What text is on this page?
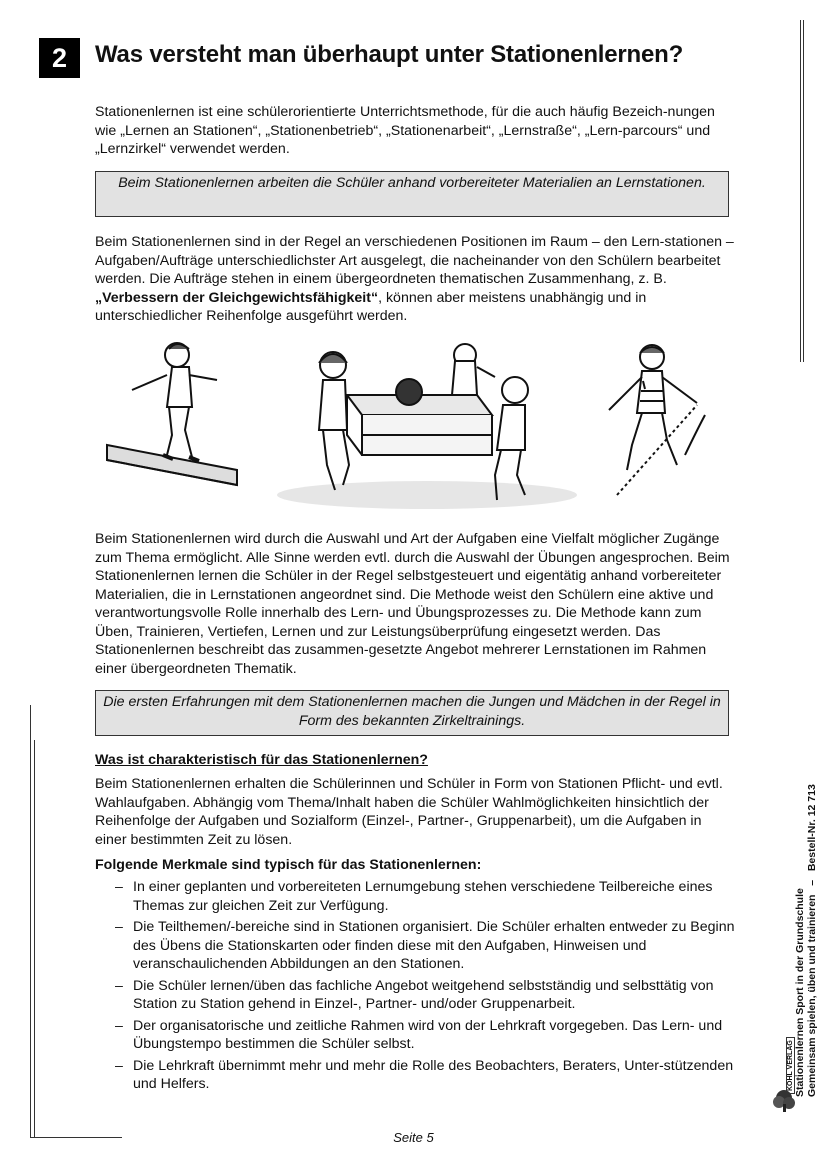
2	Was versteht man überhaupt unter Stationenlernen?
Stationenlernen ist eine schülerorientierte Unterrichtsmethode, für die auch häufig Bezeich-nungen wie „Lernen an Stationen“, „Stationenbetrieb“, „Stationenarbeit“, „Lernstraße“, „Lern-parcours“ und „Lernzirkel“ verwendet werden.
Beim Stationenlernen arbeiten die Schüler anhand vorbereiteter Materialien an Lernstationen.
Beim Stationenlernen sind in der Regel an verschiedenen Positionen im Raum – den Lern-stationen – Aufgaben/Aufträge unterschiedlichster Art ausgelegt, die nacheinander von den Schülern bearbeitet werden. Die Aufträge stehen in einem übergeordneten thematischen Zusammenhang, z. B. „Verbessern der Gleichgewichtsfähigkeit“, können aber meistens unabhängig und in unterschiedlicher Reihenfolge ausgeführt werden.
Beim Stationenlernen wird durch die Auswahl und Art der Aufgaben eine Vielfalt möglicher Zugänge zum Thema ermöglicht. Alle Sinne werden evtl. durch die Auswahl der Übungen angesprochen. Beim Stationenlernen lernen die Schüler in der Regel selbstgesteuert und eigentätig anhand vorbereiteter Materialien, die in Lernstationen angeordnet sind. Die Methode weist den Schülern eine aktive und verantwortungsvolle Rolle innerhalb des Lern- und Übungsprozesses zu. Die Methode kann zum Üben, Trainieren, Vertiefen, Lernen und zur Leistungsüberprüfung eingesetzt werden. Das Stationenlernen beschreibt das zusammen-gesetzte Angebot mehrerer Lernstationen im Rahmen einer übergeordneten Thematik.
Die ersten Erfahrungen mit dem Stationenlernen machen die Jungen und Mädchen in der Regel in Form des bekannten Zirkeltrainings.
Was ist charakteristisch für das Stationenlernen?
Beim Stationenlernen erhalten die Schülerinnen und Schüler in Form von Stationen Pflicht- und evtl. Wahlaufgaben. Abhängig vom Thema/Inhalt haben die Schüler Wahlmöglichkeiten hinsichtlich der Reihenfolge der Aufgaben und Sozialform (Einzel-, Partner-, Gruppenarbeit), um die Aufgaben in einer bestimmten Zeit zu lösen.
Folgende Merkmale sind typisch für das Stationenlernen:
– In einer geplanten und vorbereiteten Lernumgebung stehen verschiedene Teilbereiche eines Themas zur gleichen Zeit zur Verfügung.
– Die Teilthemen/-bereiche sind in Stationen organisiert. Die Schüler erhalten entweder zu Beginn des Übens die Stationskarten oder finden diese mit den Aufgaben, Hinweisen und veranschaulichenden Abbildungen an den Stationen.
– Die Schüler lernen/üben das fachliche Angebot weitgehend selbstständig und selbsttätig von Station zu Station gehend in Einzel-, Partner- und/oder Gruppenarbeit.
– Der organisatorische und zeitliche Rahmen wird von der Lehrkraft vorgegeben. Das Lern- und Übungstempo bestimmen die Schüler selbst.
– Die Lehrkraft übernimmt mehr und mehr die Rolle des Beobachters, Beraters, Unter-stützenden und Helfers.
Seite 5
Stationenlernen Sport in der Grundschule Gemeinsam spielen, üben und trainieren   –   Bestell-Nr. 12 713
KOHL VERLAG
